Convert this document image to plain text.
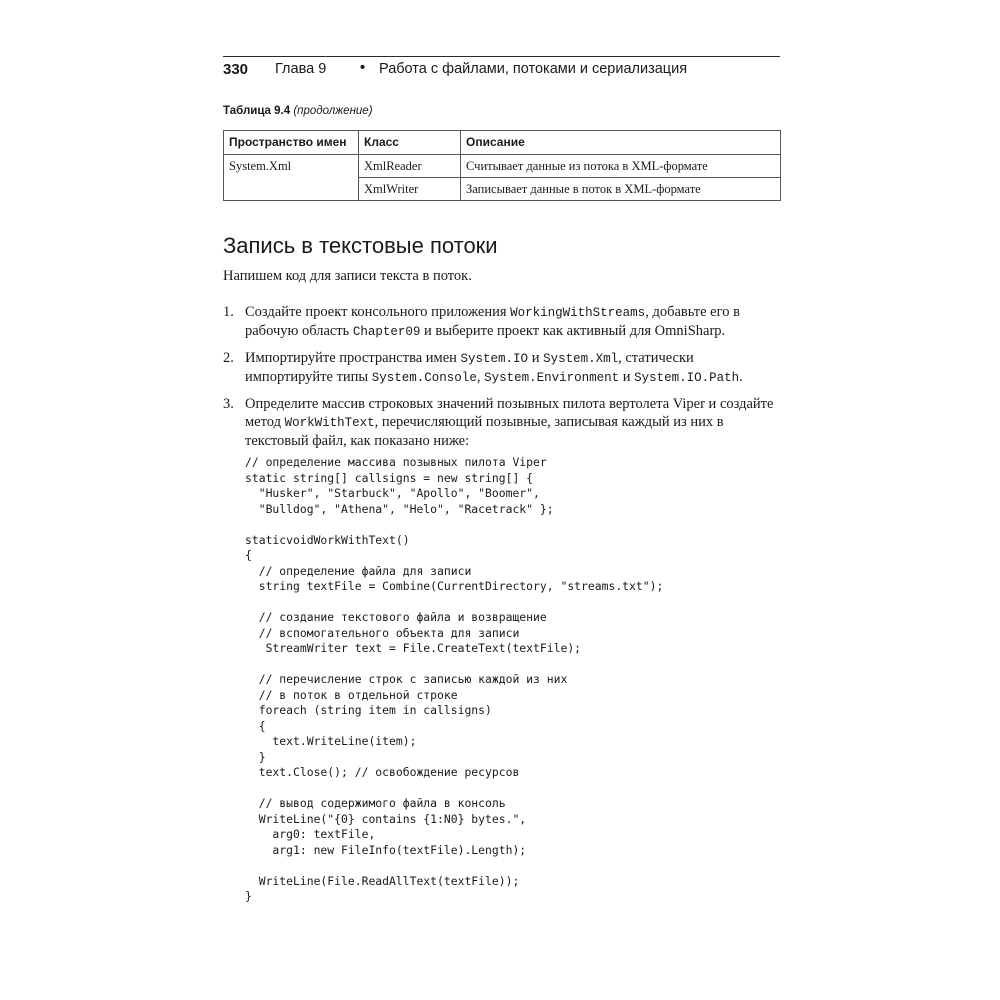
330 Глава 9 • Работа с файлами, потоками и сериализация
Таблица 9.4 (продолжение)
Пространство имен	Класс	Описание
System.Xml	XmlReader	Считывает данные из потока в XML-формате
	XmlWriter	Записывает данные в поток в XML-формате
Запись в текстовые потоки
Напишем код для записи текста в поток.
1. Создайте проект консольного приложения WorkingWithStreams, добавьте его в рабочую область Chapter09 и выберите проект как активный для OmniSharp.
2. Импортируйте пространства имен System.IO и System.Xml, статически импортируйте типы System.Console, System.Environment и System.IO.Path.
3. Определите массив строковых значений позывных пилота вертолета Viper и создайте метод WorkWithText, перечисляющий позывные, записывая каждый из них в текстовый файл, как показано ниже:
// определение массива позывных пилота Viper
static string[] callsigns = new string[] {
"Husker", "Starbuck", "Apollo", "Boomer",
"Bulldog", "Athena", "Helo", "Racetrack" };

staticvoidWorkWithText()
{
// определение файла для записи
string textFile = Combine(CurrentDirectory, "streams.txt");

// создание текстового файла и возвращение
// вспомогательного объекта для записи
StreamWriter text = File.CreateText(textFile);

// перечисление строк с записью каждой из них
// в поток в отдельной строке
foreach (string item in callsigns)
{
text.WriteLine(item);
}
text.Close(); // освобождение ресурсов

// вывод содержимого файла в консоль
WriteLine("{0} contains {1:N0} bytes.",
arg0: textFile,
arg1: new FileInfo(textFile).Length);

WriteLine(File.ReadAllText(textFile));
}
